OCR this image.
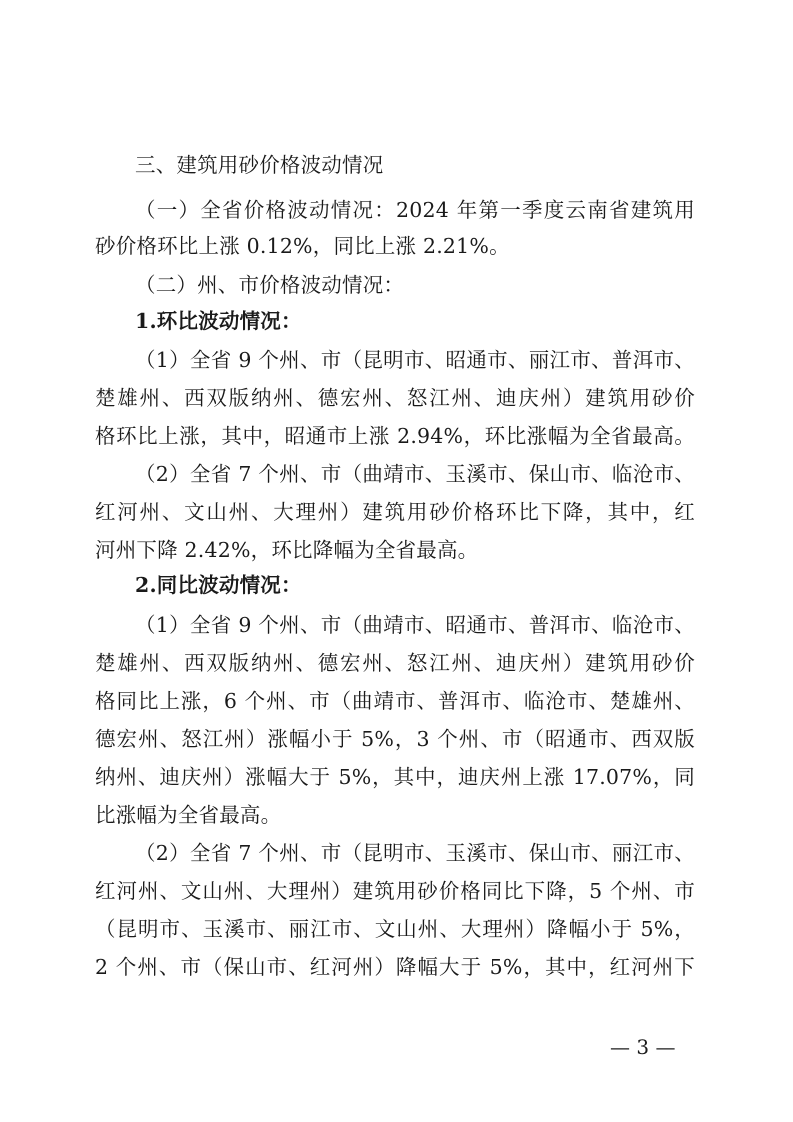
三、建筑用砂价格波动情况
（一）全省价格波动情况：2024 年第一季度云南省建筑用
砂价格环比上涨 0.12%，同比上涨 2.21%。
（二）州、市价格波动情况：
1.环比波动情况：
（1）全省 9 个州、市（昆明市、昭通市、丽江市、普洱市、
楚雄州、西双版纳州、德宏州、怒江州、迪庆州）建筑用砂价
格环比上涨，其中，昭通市上涨 2.94%，环比涨幅为全省最高。
（2）全省 7 个州、市（曲靖市、玉溪市、保山市、临沧市、
红河州、文山州、大理州）建筑用砂价格环比下降，其中，红
河州下降 2.42%，环比降幅为全省最高。
2.同比波动情况：
（1）全省 9 个州、市（曲靖市、昭通市、普洱市、临沧市、
楚雄州、西双版纳州、德宏州、怒江州、迪庆州）建筑用砂价
格同比上涨，6 个州、市（曲靖市、普洱市、临沧市、楚雄州、
德宏州、怒江州）涨幅小于 5%，3 个州、市（昭通市、西双版
纳州、迪庆州）涨幅大于 5%，其中，迪庆州上涨 17.07%，同
比涨幅为全省最高。
（2）全省 7 个州、市（昆明市、玉溪市、保山市、丽江市、
红河州、文山州、大理州）建筑用砂价格同比下降，5 个州、市
（昆明市、玉溪市、丽江市、文山州、大理州）降幅小于 5%，
2 个州、市（保山市、红河州）降幅大于 5%，其中，红河州下
— 3 —
